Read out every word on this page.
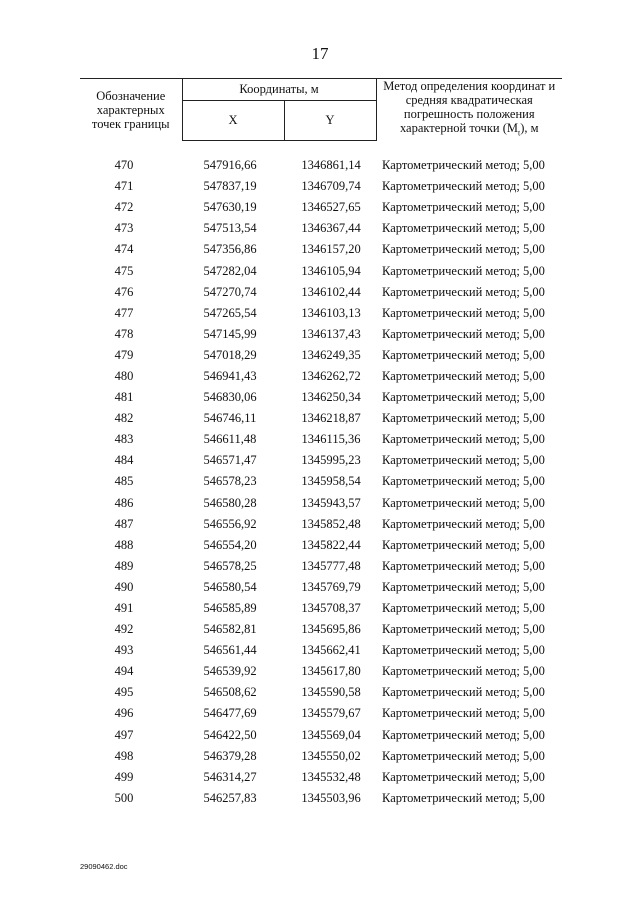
17
Обозначение характерных точек границы	Координаты, м		Метод определения координат и средняя квадратическая погрешность положения характерной точки $(M_t)$, м
	X	Y	

470	547916,66	1346861,14	Картометрический метод; 5,00
471	547837,19	1346709,74	Картометрический метод; 5,00
472	547630,19	1346527,65	Картометрический метод; 5,00
473	547513,54	1346367,44	Картометрический метод; 5,00
474	547356,86	1346157,20	Картометрический метод; 5,00
475	547282,04	1346105,94	Картометрический метод; 5,00
476	547270,74	1346102,44	Картометрический метод; 5,00
477	547265,54	1346103,13	Картометрический метод; 5,00
478	547145,99	1346137,43	Картометрический метод; 5,00
479	547018,29	1346249,35	Картометрический метод; 5,00
480	546941,43	1346262,72	Картометрический метод; 5,00
481	546830,06	1346250,34	Картометрический метод; 5,00
482	546746,11	1346218,87	Картометрический метод; 5,00
483	546611,48	1346115,36	Картометрический метод; 5,00
484	546571,47	1345995,23	Картометрический метод; 5,00
485	546578,23	1345958,54	Картометрический метод; 5,00
486	546580,28	1345943,57	Картометрический метод; 5,00
487	546556,92	1345852,48	Картометрический метод; 5,00
488	546554,20	1345822,44	Картометрический метод; 5,00
489	546578,25	1345777,48	Картометрический метод; 5,00
490	546580,54	1345769,79	Картометрический метод; 5,00
491	546585,89	1345708,37	Картометрический метод; 5,00
492	546582,81	1345695,86	Картометрический метод; 5,00
493	546561,44	1345662,41	Картометрический метод; 5,00
494	546539,92	1345617,80	Картометрический метод; 5,00
495	546508,62	1345590,58	Картометрический метод; 5,00
496	546477,69	1345579,67	Картометрический метод; 5,00
497	546422,50	1345569,04	Картометрический метод; 5,00
498	546379,28	1345550,02	Картометрический метод; 5,00
499	546314,27	1345532,48	Картометрический метод; 5,00
500	546257,83	1345503,96	Картометрический метод; 5,00
29090462.doc
